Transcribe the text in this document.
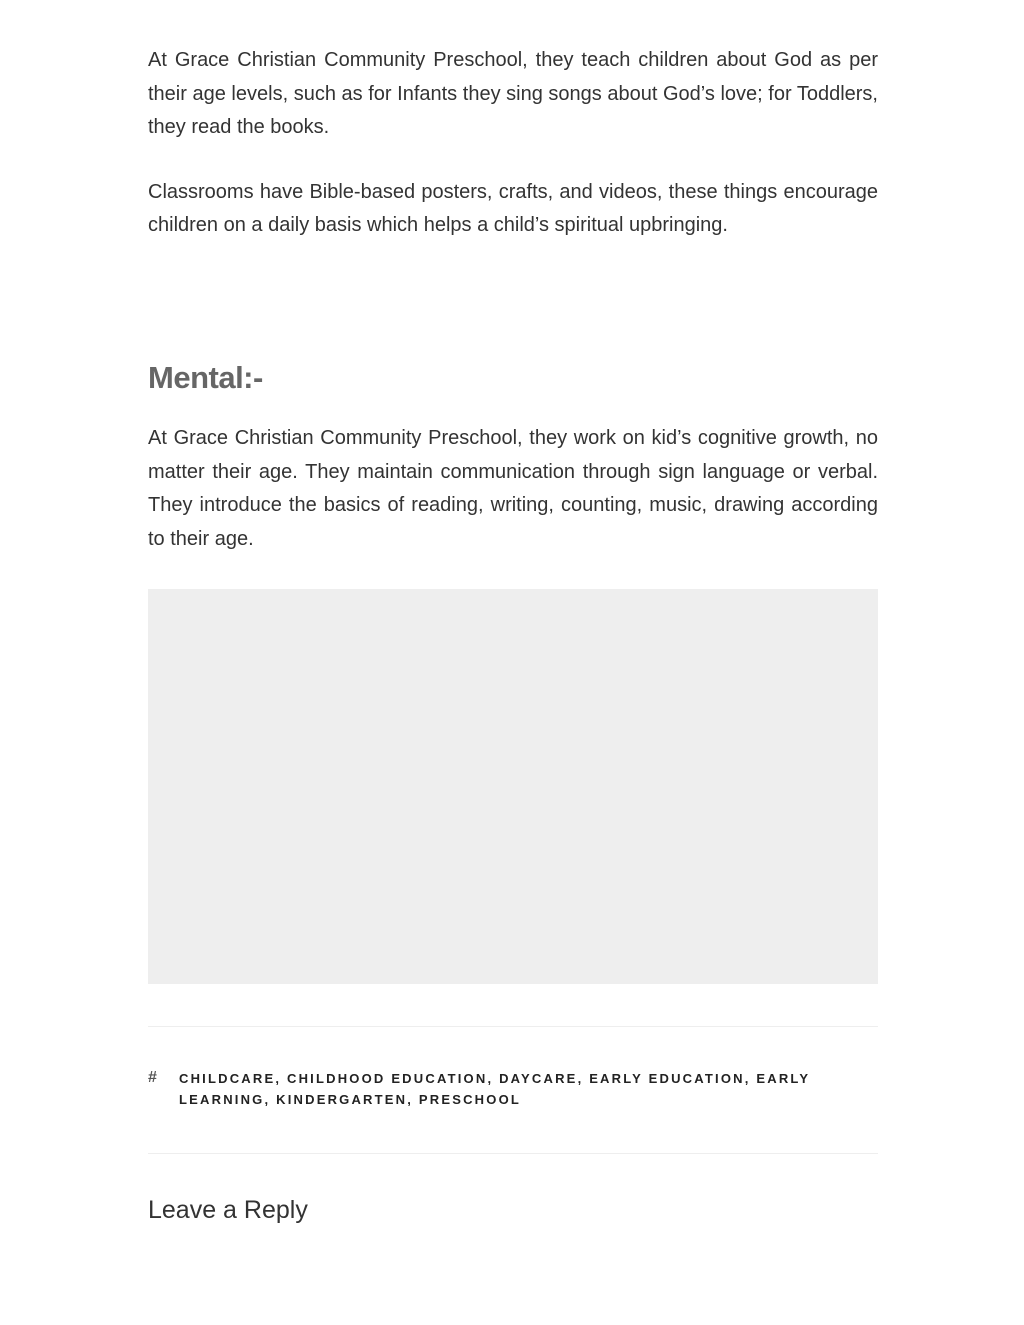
At Grace Christian Community Preschool, they teach children about God as per their age levels, such as for Infants they sing songs about God’s love; for Toddlers, they read the books.

Classrooms have Bible-based posters, crafts, and videos, these things encourage children on a daily basis which helps a child’s spiritual upbringing.

Mental:-

At Grace Christian Community Preschool, they work on kid’s cognitive growth, no matter their age. They maintain communication through sign language or verbal. They introduce the basics of reading, writing, counting, music, drawing according to their age.

# CHILDCARE, CHILDHOOD EDUCATION, DAYCARE, EARLY EDUCATION, EARLY LEARNING, KINDERGARTEN, PRESCHOOL
Leave a Reply
